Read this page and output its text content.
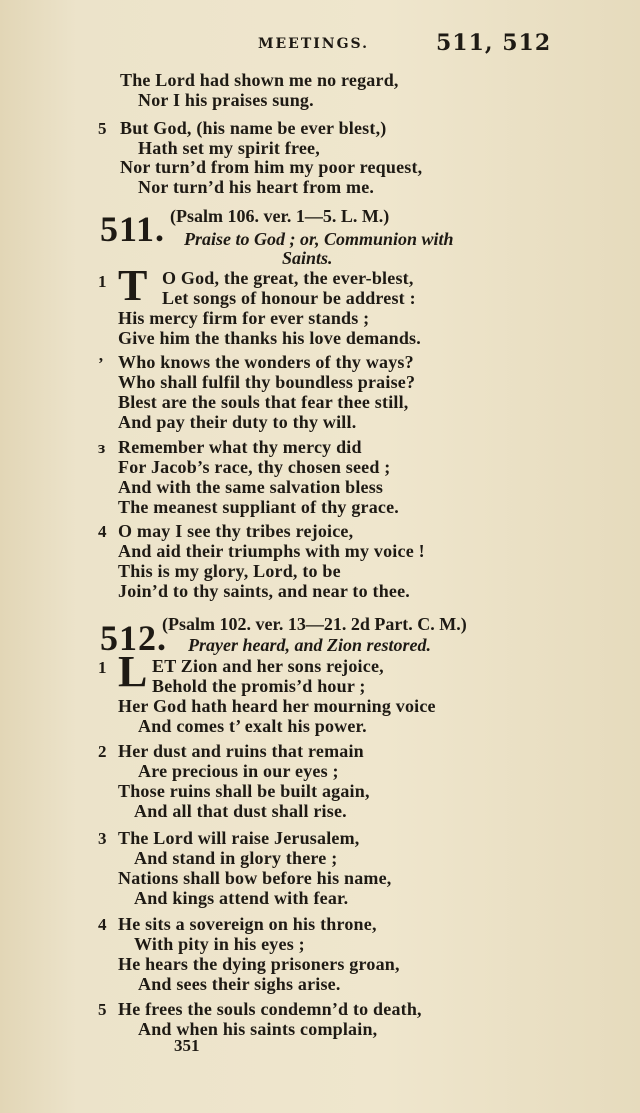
MEETINGS.	511, 512
The Lord had shown me no regard,
Nor I his praises sung.
5 But God, (his name be ever blest,)
Hath set my spirit free,
Nor turn’d from him my poor request,
Nor turn’d his heart from me.
511. (Psalm 106. ver. 1—5. L. M.)
Praise to God ; or, Communion with
Saints.
1 T O God, the great, the ever-blest,
Let songs of honour be addrest :
His mercy firm for ever stands ;
Give him the thanks his love demands.
’ Who knows the wonders of thy ways?
Who shall fulfil thy boundless praise?
Blest are the souls that fear thee still,
And pay their duty to thy will.
ɜ Remember what thy mercy did
For Jacob’s race, thy chosen seed ;
And with the same salvation bless
The meanest suppliant of thy grace.
4 O may I see thy tribes rejoice,
And aid their triumphs with my voice !
This is my glory, Lord, to be
Join’d to thy saints, and near to thee.
512.
(Psalm 102. ver. 13—21. 2d Part. C. M.)
Prayer heard, and Zion restored.
1 L ET Zion and her sons rejoice,
Behold the promis’d hour ;
Her God hath heard her mourning voice
And comes t’ exalt his power.
2 Her dust and ruins that remain
Are precious in our eyes ;
Those ruins shall be built again,
And all that dust shall rise.
3 The Lord will raise Jerusalem,
And stand in glory there ;
Nations shall bow before his name,
And kings attend with fear.
4 He sits a sovereign on his throne,
With pity in his eyes ;
He hears the dying prisoners groan,
And sees their sighs arise.
5 He frees the souls condemn’d to death,
And when his saints complain,
351
